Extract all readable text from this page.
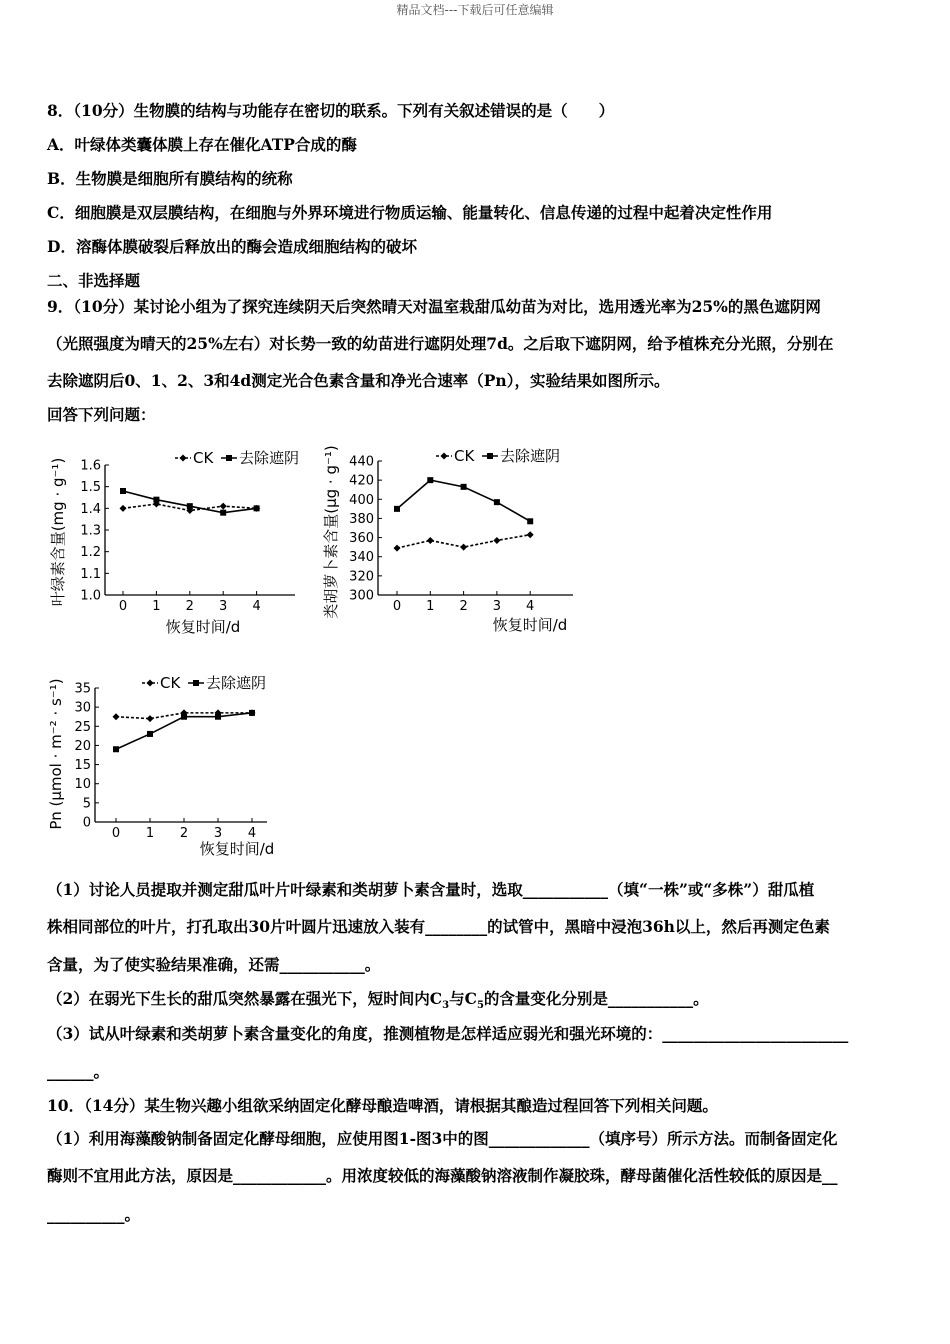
精品文档---下载后可任意编辑
8．（10分）生物膜的结构与功能存在密切的联系。下列有关叙述错误的是（　　）
A．叶绿体类囊体膜上存在催化ATP合成的酶
B．生物膜是细胞所有膜结构的统称
C．细胞膜是双层膜结构，在细胞与外界环境进行物质运输、能量转化、信息传递的过程中起着决定性作用
D．溶酶体膜破裂后释放出的酶会造成细胞结构的破坏
二、非选择题
9．（10分）某讨论小组为了探究连续阴天后突然晴天对温室栽甜瓜幼苗为对比，选用透光率为25%的黑色遮阴网
（光照强度为晴天的25%左右）对长势一致的幼苗进行遮阴处理7d。之后取下遮阴网，给予植株充分光照，分别在
去除遮阴后0、1、2、3和4d测定光合色素含量和净光合速率（Pn），实验结果如图所示。
回答下列问题：
1.0
1.1
1.2
1.3
1.4
1.5
1.6
0 1 2 3 4
CK 去除遮阴
恢复时间/d
叶绿素含量(mg · g⁻¹)	300
320
340
360
380
400
420
440
0 1 2 3 4
CK 去除遮阴
恢复时间/d
类胡萝卜素含量(μg · g⁻¹)
0
5
10
15
20
25
30
35
0 1 2 3 4
CK 去除遮阴
恢复时间/d
Pn (μmol · m⁻² · s⁻¹)
（1）讨论人员提取并测定甜瓜叶片叶绿素和类胡萝卜素含量时，选取___________（填“一株”或“多株”）甜瓜植
株相同部位的叶片，打孔取出30片叶圆片迅速放入装有________的试管中，黑暗中浸泡36h以上，然后再测定色素
含量，为了使实验结果准确，还需___________。
（2）在弱光下生长的甜瓜突然暴露在强光下，短时间内$C_3$与$C_5$的含量变化分别是___________。
（3）试从叶绿素和类胡萝卜素含量变化的角度，推测植物是怎样适应弱光和强光环境的：________________________
______。
10．（14分）某生物兴趣小组欲采纳固定化酵母酿造啤酒，请根据其酿造过程回答下列相关问题。
（1）利用海藻酸钠制备固定化酵母细胞，应使用图1-图3中的图_____________（填序号）所示方法。而制备固定化
酶则不宜用此方法，原因是____________。用浓度较低的海藻酸钠溶液制作凝胶珠，酵母菌催化活性较低的原因是__
__________。
